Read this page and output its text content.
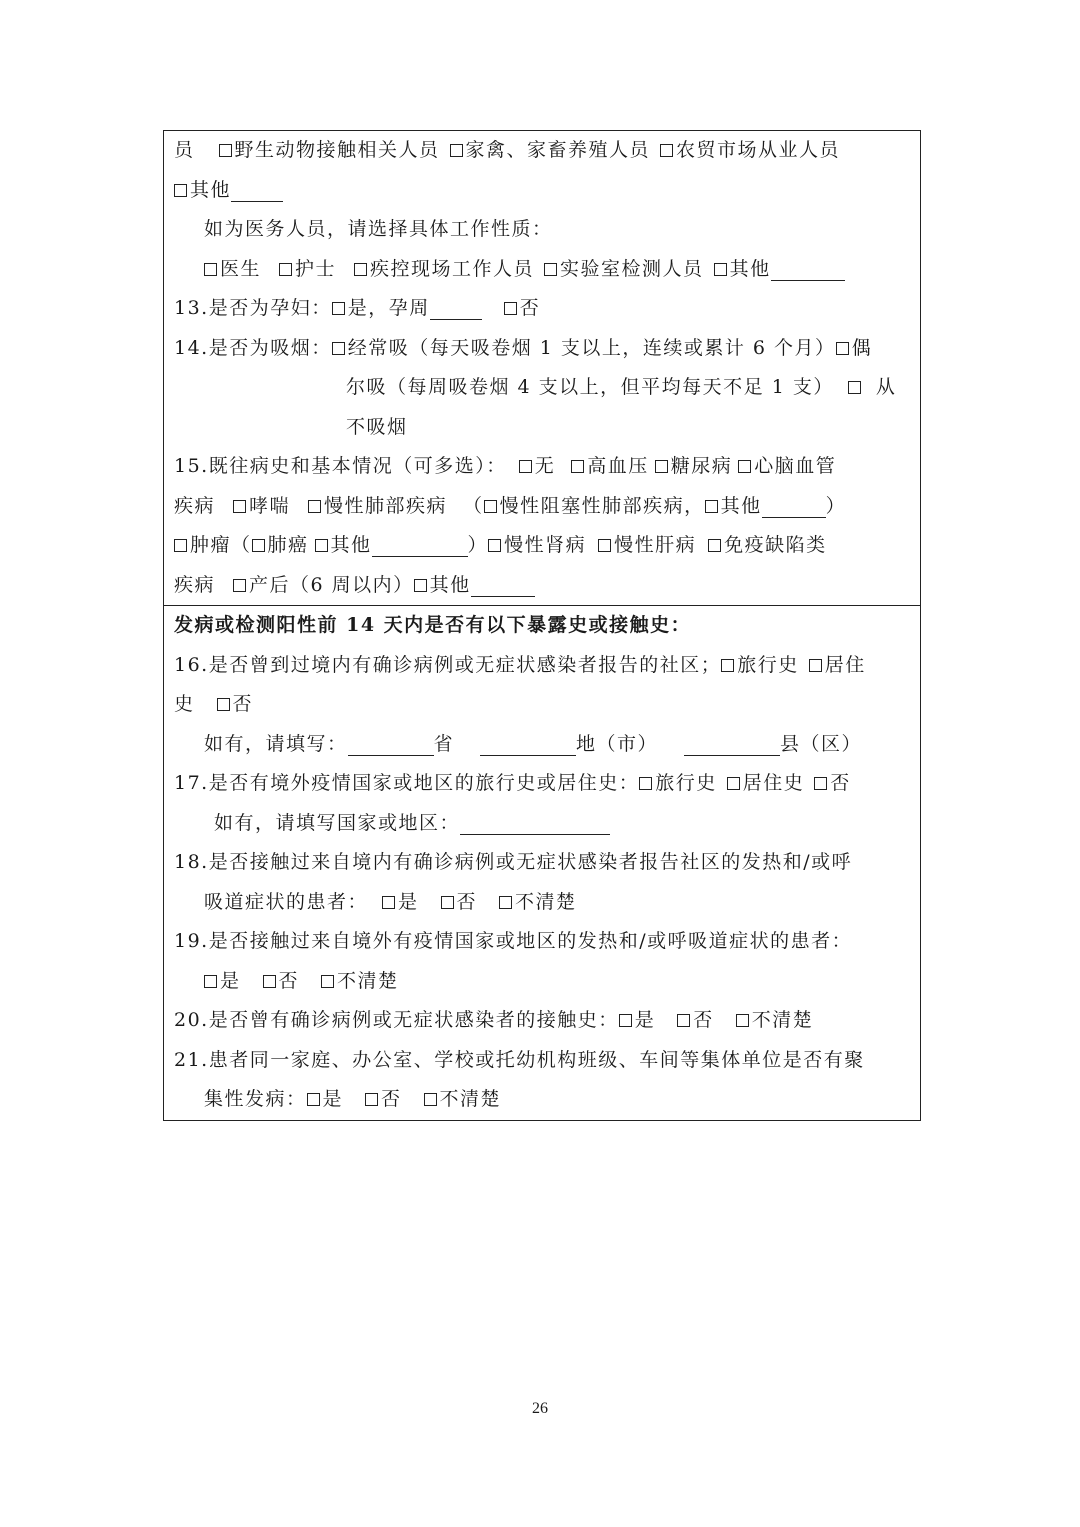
员 野生动物接触相关人员 家禽、家畜养殖人员 农贸市场从业人员
其他
如为医务人员，请选择具体工作性质：
医生 护士 疾控现场工作人员 实验室检测人员 其他
13.是否为孕妇： 是，孕周	否
14.是否为吸烟： 经常吸（每天吸卷烟 1 支以上，连续或累计 6 个月） 偶
尔吸（每周吸卷烟 4 支以上，但平均每天不足 1 支） 从
不吸烟
15.既往病史和基本情况（可多选）： 无 高血压 糖尿病 心脑血管
疾病 哮喘 慢性肺部疾病 （ 慢性阻塞性肺部疾病， 其他	）
肿瘤（ 肺癌 其他	） 慢性肾病 慢性肝病 免疫缺陷类
疾病 产后（6 周以内） 其他
发病或检测阳性前 14 天内是否有以下暴露史或接触史：
16.是否曾到过境内有确诊病例或无症状感染者报告的社区； 旅行史 居住
史 否
如有，请填写：	省	地（市）	县（区）
17.是否有境外疫情国家或地区的旅行史或居住史： 旅行史 居住史 否
如有，请填写国家或地区：
18.是否接触过来自境内有确诊病例或无症状感染者报告社区的发热和/或呼
吸道症状的患者： 是 否 不清楚
19.是否接触过来自境外有疫情国家或地区的发热和/或呼吸道症状的患者：
是 否 不清楚
20.是否曾有确诊病例或无症状感染者的接触史： 是 否 不清楚
21.患者同一家庭、办公室、学校或托幼机构班级、车间等集体单位是否有聚
集性发病： 是 否 不清楚
26
